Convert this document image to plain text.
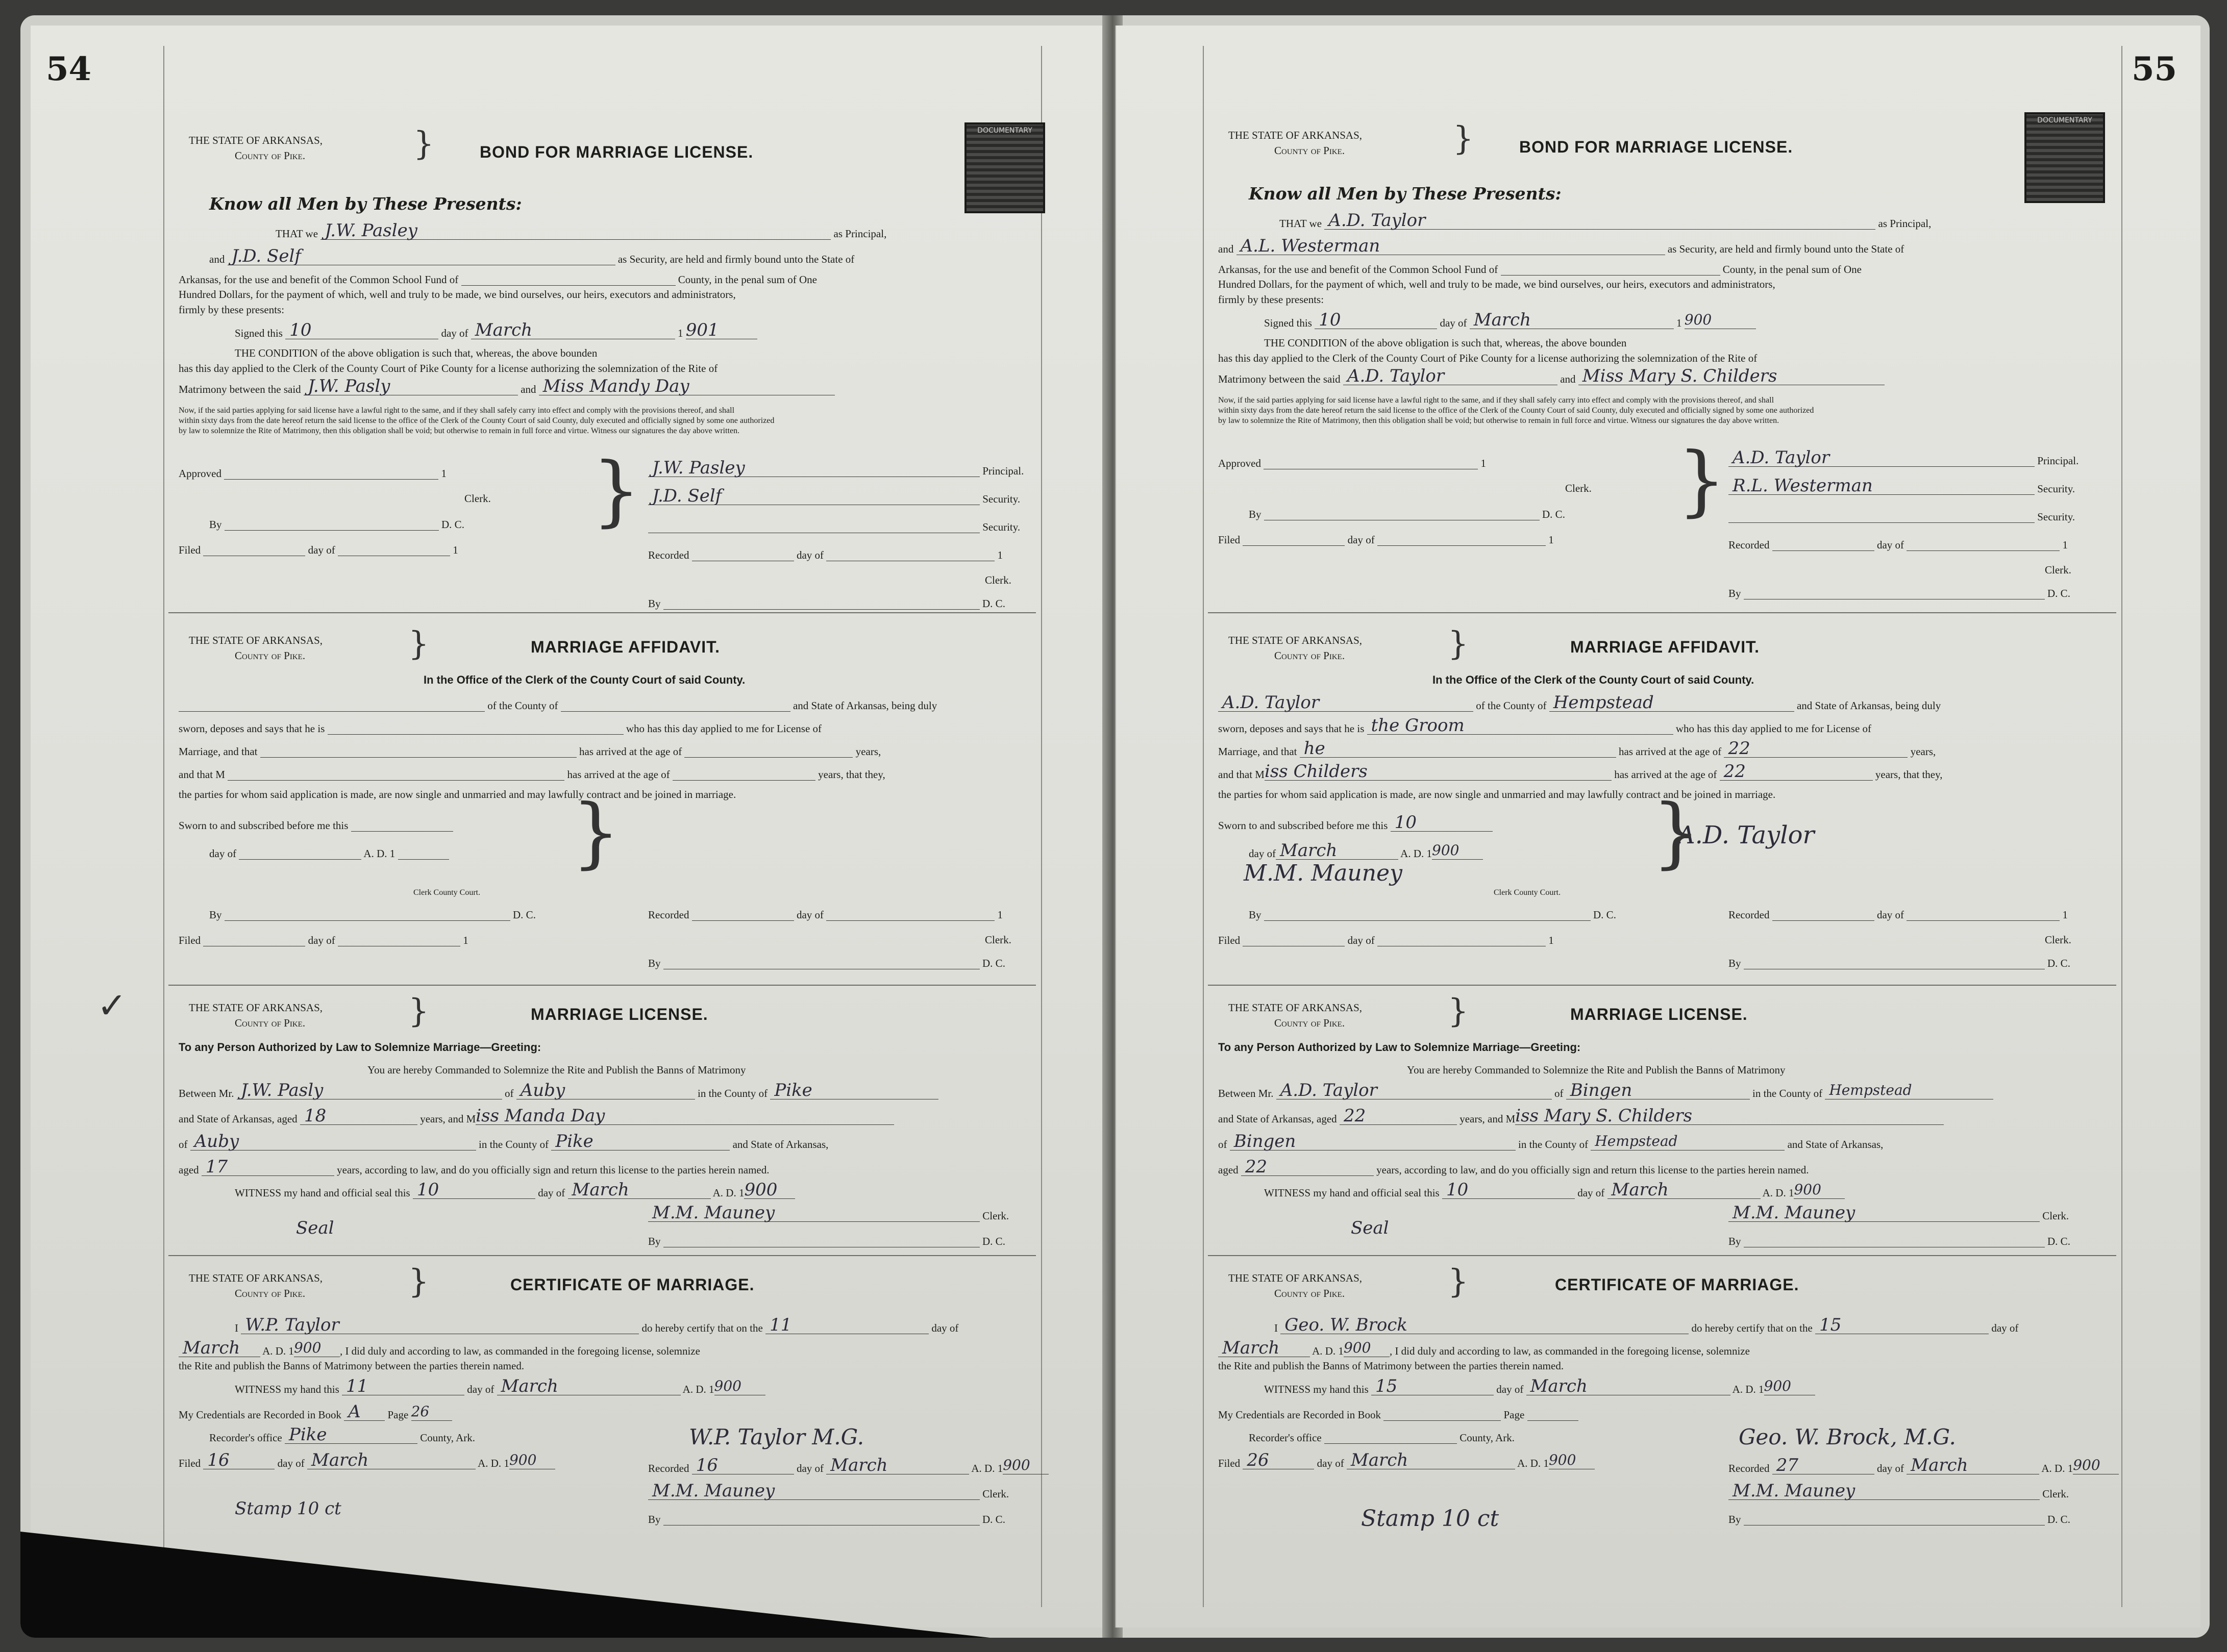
54
THE STATE OF ARKANSAS,
County of Pike.	}	BOND FOR MARRIAGE LICENSE.
DOCUMENTARY
Know all Men by These Presents:
THAT we J.W. Pasley	as Principal,
and J.D. Self	as Security, are held and firmly bound unto the State of
Arkansas, for the use and benefit of the Common School Fund of	County, in the penal sum of One
Hundred Dollars, for the payment of which, well and truly to be made, we bind ourselves, our heirs, executors and administrators,
firmly by these presents:
Signed this 10	day of March	1 901
THE CONDITION of the above obligation is such that, whereas, the above bounden
has this day applied to the Clerk of the County Court of Pike County for a license authorizing the solemnization of the Rite of
Matrimony between the said J.W. Pasly	and Miss Mandy Day
Now, if the said parties applying for said license have a lawful right to the same, and if they shall safely carry into effect and comply with the provisions thereof, and shall
within sixty days from the date hereof return the said license to the office of the Clerk of the County Court of said County, duly executed and officially signed by some one authorized
by law to solemnize the Rite of Matrimony, then this obligation shall be void; but otherwise to remain in full force and virtue. Witness our signatures the day above written.
Approved	1
Clerk.
By	D. C.
Filed	day of	1
} J.W. Pasley	Principal.
J.D. Self	Security.
Security.
Recorded	day of	1
Clerk.
By	D. C.
THE STATE OF ARKANSAS,
County of Pike.	}	MARRIAGE AFFIDAVIT.
In the Office of the Clerk of the County Court of said County.
of the County of	and State of Arkansas, being duly
sworn, deposes and says that he is	who has this day applied to me for License of
Marriage, and that	has arrived at the age of	years,
and that M	has arrived at the age of	years, that they,
the parties for whom said application is made, are now single and unmarried and may lawfully contract and be joined in marriage.
Sworn to and subscribed before me this
day of	A. D. 1
Clerk County Court.
By	D. C.
Filed	day of	1
}
Recorded	day of	1
Clerk.
By	D. C.
✓	THE STATE OF ARKANSAS,
County of Pike.	}	MARRIAGE LICENSE.
To any Person Authorized by Law to Solemnize Marriage—Greeting:
You are hereby Commanded to Solemnize the Rite and Publish the Banns of Matrimony
Between Mr. J.W. Pasly	of Auby	in the County of Pike
and State of Arkansas, aged 18	years, and M iss Manda Day
of Auby	in the County of Pike	and State of Arkansas,
aged 17	years, according to law, and do you officially sign and return this license to the parties herein named.
WITNESS my hand and official seal this 10	day of March	A. D. 1 900
Seal
M.M. Mauney	Clerk.
By	D. C.
THE STATE OF ARKANSAS,
County of Pike.	}	CERTIFICATE OF MARRIAGE.
I W.P. Taylor	do hereby certify that on the 11	day of
March A. D. 1 900 , I did duly and according to law, as commanded in the foregoing license, solemnize
the Rite and publish the Banns of Matrimony between the parties therein named.
WITNESS my hand this 11	day of March	A. D. 1 900
My Credentials are Recorded in Book A	Page 26
Recorder's office Pike	County, Ark.
Filed 16	day of March	A. D. 1 900
Stamp 10 ct
W.P. Taylor M.G.
Recorded 16	day of March	A. D. 1 900
M.M. Mauney	Clerk.
By	D. C.
55
THE STATE OF ARKANSAS,
County of Pike.	}	BOND FOR MARRIAGE LICENSE.
DOCUMENTARY
Know all Men by These Presents:
THAT we A.D. Taylor	as Principal,
and A.L. Westerman	as Security, are held and firmly bound unto the State of
Arkansas, for the use and benefit of the Common School Fund of	County, in the penal sum of One
Hundred Dollars, for the payment of which, well and truly to be made, we bind ourselves, our heirs, executors and administrators,
firmly by these presents:
Signed this 10	day of March	1 900
THE CONDITION of the above obligation is such that, whereas, the above bounden
has this day applied to the Clerk of the County Court of Pike County for a license authorizing the solemnization of the Rite of
Matrimony between the said A.D. Taylor	and Miss Mary S. Childers
Now, if the said parties applying for said license have a lawful right to the same, and if they shall safely carry into effect and comply with the provisions thereof, and shall
within sixty days from the date hereof return the said license to the office of the Clerk of the County Court of said County, duly executed and officially signed by some one authorized
by law to solemnize the Rite of Matrimony, then this obligation shall be void; but otherwise to remain in full force and virtue. Witness our signatures the day above written.
Approved	1
Clerk.
By	D. C.
Filed	day of	1
} A.D. Taylor	Principal.
R.L. Westerman	Security.
Security.
Recorded	day of	1
Clerk.
By	D. C.
THE STATE OF ARKANSAS,
County of Pike.	}	MARRIAGE AFFIDAVIT.
In the Office of the Clerk of the County Court of said County.
A.D. Taylor	of the County of Hempstead	and State of Arkansas, being duly
sworn, deposes and says that he is the Groom	who has this day applied to me for License of
Marriage, and that he	has arrived at the age of 22	years,
and that M iss Childers	has arrived at the age of 22	years, that they,
the parties for whom said application is made, are now single and unmarried and may lawfully contract and be joined in marriage.
Sworn to and subscribed before me this 10
day of March	A. D. 1 900
M.M. Mauney
A.D. Taylor
Clerk County Court.
By	D. C.
Filed	day of	1
}
Recorded	day of	1
Clerk.
By	D. C.
THE STATE OF ARKANSAS,
County of Pike.	}	MARRIAGE LICENSE.
To any Person Authorized by Law to Solemnize Marriage—Greeting:
You are hereby Commanded to Solemnize the Rite and Publish the Banns of Matrimony
Between Mr. A.D. Taylor	of Bingen	in the County of Hempstead
and State of Arkansas, aged 22	years, and M iss Mary S. Childers
of Bingen	in the County of Hempstead	and State of Arkansas,
aged 22	years, according to law, and do you officially sign and return this license to the parties herein named.
WITNESS my hand and official seal this 10	day of March	A. D. 1 900
Seal
M.M. Mauney	Clerk.
By	D. C.
THE STATE OF ARKANSAS,
County of Pike.	}	CERTIFICATE OF MARRIAGE.
I Geo. W. Brock	do hereby certify that on the 15	day of
March	A. D. 1 900 , I did duly and according to law, as commanded in the foregoing license, solemnize
the Rite and publish the Banns of Matrimony between the parties therein named.
WITNESS my hand this 15	day of March	A. D. 1 900
My Credentials are Recorded in Book	Page
Recorder's office	County, Ark.
Filed 26	day of March	A. D. 1 900
Stamp 10 ct
Geo. W. Brock, M.G.
Recorded 27	day of March	A. D. 1 900
M.M. Mauney	Clerk.
By	D. C.
